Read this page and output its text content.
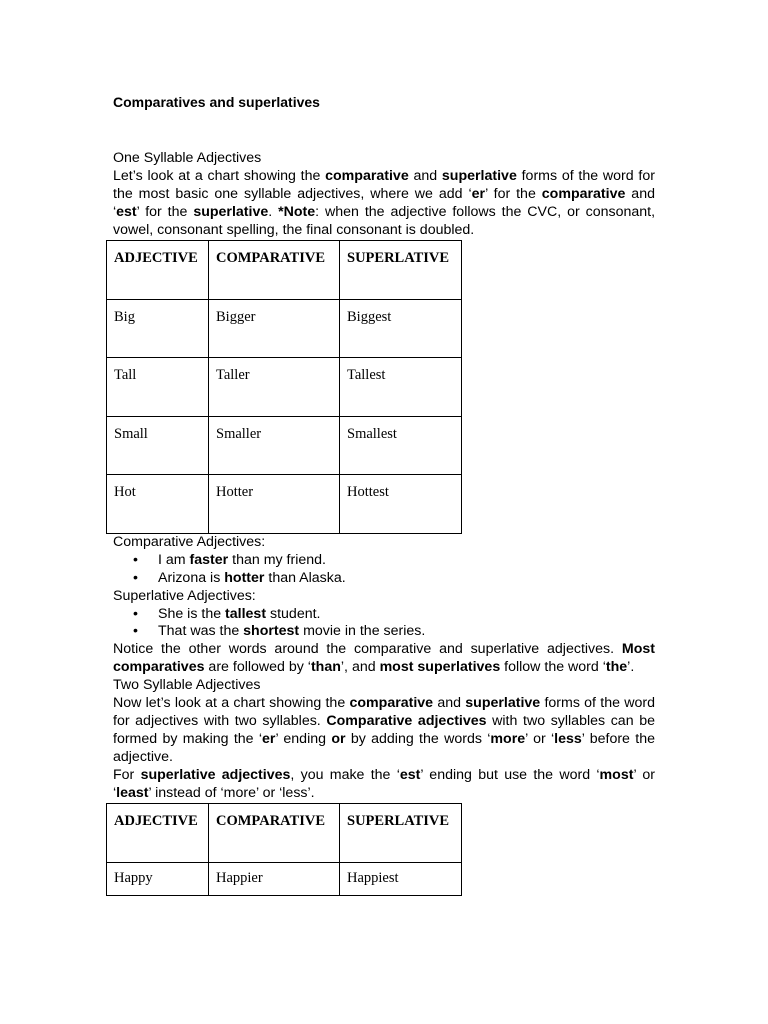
Comparatives and superlatives

One Syllable Adjectives

Let’s look at a chart showing the comparative and superlative forms of the word for the most basic one syllable adjectives, where we add ‘er’ for the comparative and ‘est’ for the superlative. *Note: when the adjective follows the CVC, or consonant, vowel, consonant spelling, the final consonant is doubled.

ADJECTIVE	COMPARATIVE	SUPERLATIVE
Big	Bigger	Biggest
Tall	Taller	Tallest
Small	Smaller	Smallest
Hot	Hotter	Hottest

Comparative Adjectives:

• I am faster than my friend.
• Arizona is hotter than Alaska.

Superlative Adjectives:

• She is the tallest student.
• That was the shortest movie in the series.

Notice the other words around the comparative and superlative adjectives. Most comparatives are followed by ‘than’, and most superlatives follow the word ‘the’.

Two Syllable Adjectives

Now let’s look at a chart showing the comparative and superlative forms of the word for adjectives with two syllables. Comparative adjectives with two syllables can be formed by making the ‘er’ ending or by adding the words ‘more’ or ‘less’ before the adjective.

For superlative adjectives, you make the ‘est’ ending but use the word ‘most’ or ‘least’ instead of ‘more’ or ‘less’.

ADJECTIVE	COMPARATIVE	SUPERLATIVE
Happy	Happier	Happiest
